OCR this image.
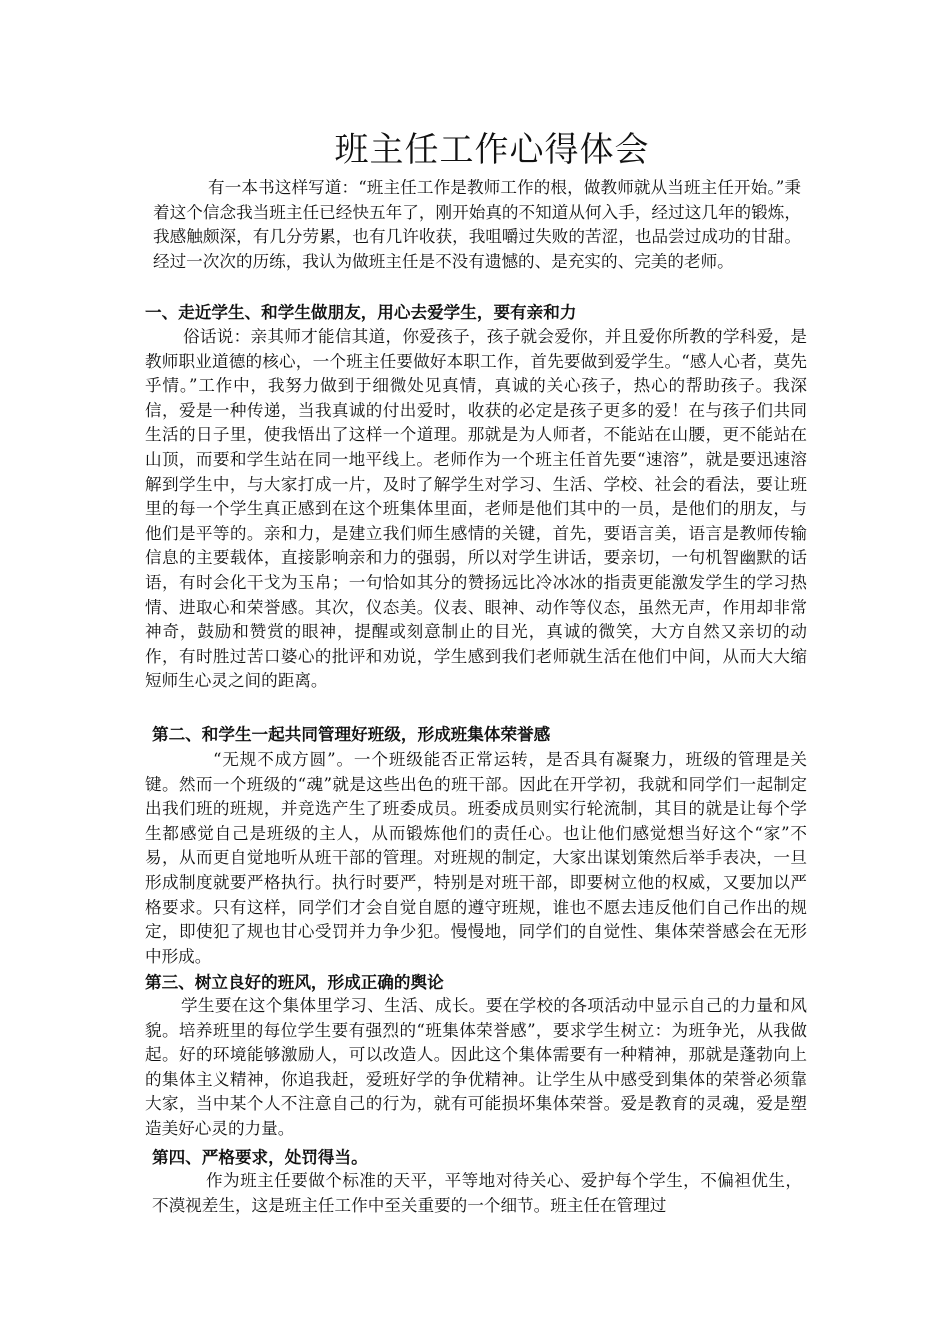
班主任工作心得体会

有一本书这样写道：“班主任工作是教师工作的根，做教师就从当班主任开始。”秉着这个信念我当班主任已经快五年了，刚开始真的不知道从何入手，经过这几年的锻炼，我感触颇深，有几分劳累，也有几许收获，我咀嚼过失败的苦涩，也品尝过成功的甘甜。经过一次次的历练，我认为做班主任是不没有遗憾的、是充实的、完美的老师。

一、走近学生、和学生做朋友，用心去爱学生，要有亲和力

俗话说：亲其师才能信其道，你爱孩子，孩子就会爱你，并且爱你所教的学科爱，是教师职业道德的核心，一个班主任要做好本职工作，首先要做到爱学生。“感人心者，莫先乎情。”工作中，我努力做到于细微处见真情，真诚的关心孩子，热心的帮助孩子。我深信，爱是一种传递，当我真诚的付出爱时，收获的必定是孩子更多的爱！在与孩子们共同生活的日子里，使我悟出了这样一个道理。那就是为人师者，不能站在山腰，更不能站在山顶，而要和学生站在同一地平线上。老师作为一个班主任首先要“速溶”，就是要迅速溶解到学生中，与大家打成一片，及时了解学生对学习、生活、学校、社会的看法，要让班里的每一个学生真正感到在这个班集体里面，老师是他们其中的一员，是他们的朋友，与他们是平等的。亲和力，是建立我们师生感情的关键，首先，要语言美，语言是教师传输信息的主要载体，直接影响亲和力的强弱，所以对学生讲话，要亲切，一句机智幽默的话语，有时会化干戈为玉帛；一句恰如其分的赞扬远比冷冰冰的指责更能激发学生的学习热情、进取心和荣誉感。其次，仪态美。仪表、眼神、动作等仪态，虽然无声，作用却非常神奇，鼓励和赞赏的眼神，提醒或刻意制止的目光，真诚的微笑，大方自然又亲切的动作，有时胜过苦口婆心的批评和劝说，学生感到我们老师就生活在他们中间，从而大大缩短师生心灵之间的距离。

第二、和学生一起共同管理好班级，形成班集体荣誉感

“无规不成方圆”。一个班级能否正常运转，是否具有凝聚力，班级的管理是关键。然而一个班级的“魂”就是这些出色的班干部。因此在开学初，我就和同学们一起制定出我们班的班规，并竞选产生了班委成员。班委成员则实行轮流制，其目的就是让每个学生都感觉自己是班级的主人，从而锻炼他们的责任心。也让他们感觉想当好这个“家”不易，从而更自觉地听从班干部的管理。对班规的制定，大家出谋划策然后举手表决，一旦形成制度就要严格执行。执行时要严，特别是对班干部，即要树立他的权威，又要加以严格要求。只有这样，同学们才会自觉自愿的遵守班规，谁也不愿去违反他们自己作出的规定，即使犯了规也甘心受罚并力争少犯。慢慢地，同学们的自觉性、集体荣誉感会在无形中形成。

第三、树立良好的班风，形成正确的舆论

学生要在这个集体里学习、生活、成长。要在学校的各项活动中显示自己的力量和风貌。培养班里的每位学生要有强烈的“班集体荣誉感”，要求学生树立：为班争光，从我做起。好的环境能够激励人，可以改造人。因此这个集体需要有一种精神，那就是蓬勃向上的集体主义精神，你追我赶，爱班好学的争优精神。让学生从中感受到集体的荣誉必须靠大家，当中某个人不注意自己的行为，就有可能损坏集体荣誉。爱是教育的灵魂，爱是塑造美好心灵的力量。

第四、严格要求，处罚得当。

作为班主任要做个标准的天平，平等地对待关心、爱护每个学生，不偏袒优生，不漠视差生，这是班主任工作中至关重要的一个细节。班主任在管理过
